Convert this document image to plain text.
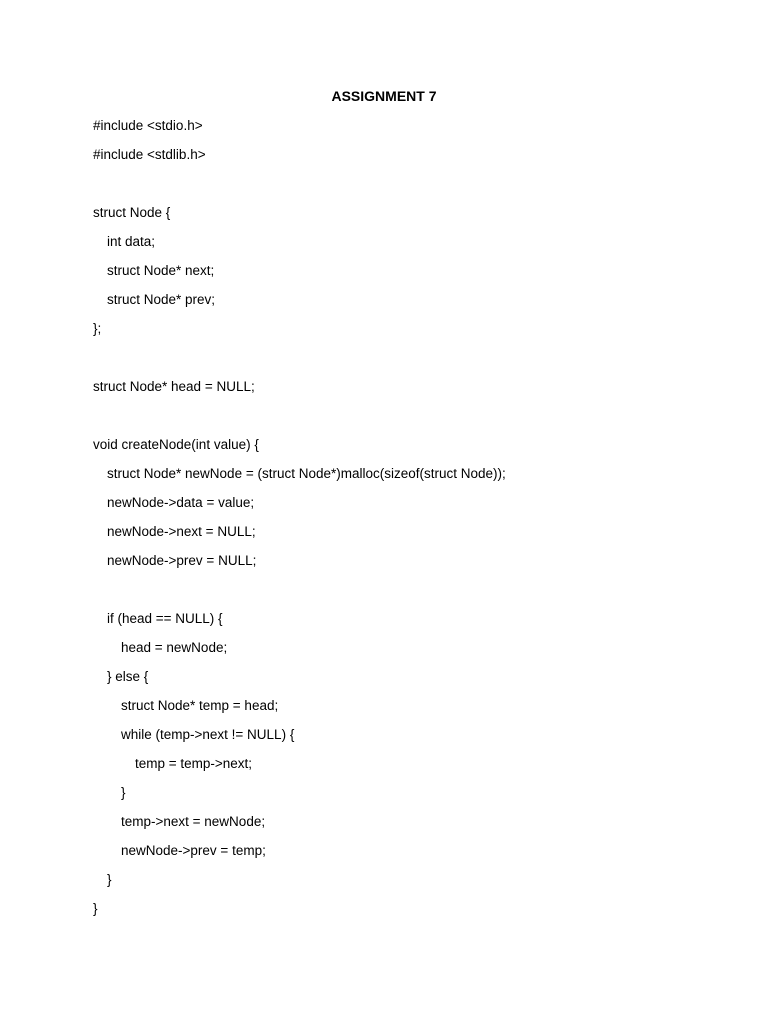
ASSIGNMENT 7
#include <stdio.h>
#include <stdlib.h>
struct Node {
int data;
struct Node* next;
struct Node* prev;
};
struct Node* head = NULL;
void createNode(int value) {
struct Node* newNode = (struct Node*)malloc(sizeof(struct Node));
newNode->data = value;
newNode->next = NULL;
newNode->prev = NULL;
if (head == NULL) {
head = newNode;
} else {
struct Node* temp = head;
while (temp->next != NULL) {
temp = temp->next;
}
temp->next = newNode;
newNode->prev = temp;
}
}
